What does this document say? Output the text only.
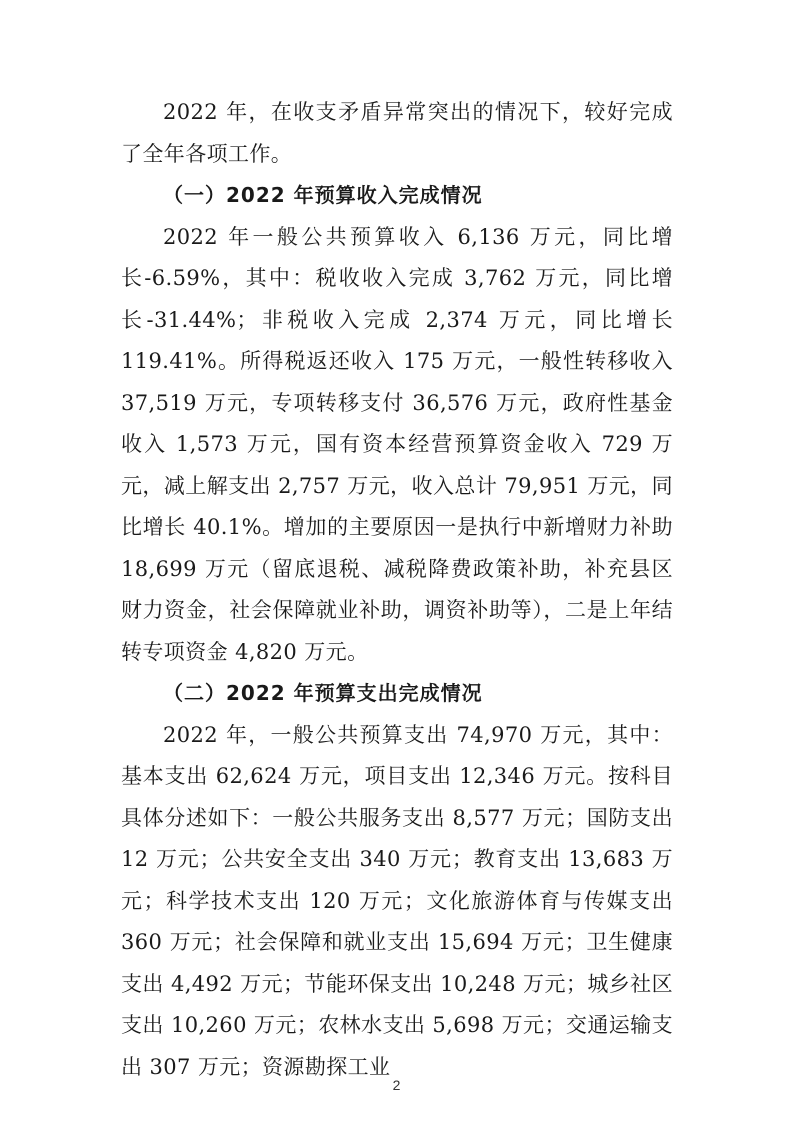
2022 年，在收支矛盾异常突出的情况下，较好完成了全年各项工作。

（一）2022 年预算收入完成情况

2022 年一般公共预算收入 6,136 万元，同比增长-6.59%，其中：税收收入完成 3,762 万元，同比增长-31.44%；非税收入完成 2,374 万元，同比增长 119.41%。所得税返还收入 175 万元，一般性转移收入 37,519 万元，专项转移支付 36,576 万元，政府性基金收入 1,573 万元，国有资本经营预算资金收入 729 万元，减上解支出 2,757 万元，收入总计 79,951 万元，同比增长 40.1%。增加的主要原因一是执行中新增财力补助 18,699 万元（留底退税、减税降费政策补助，补充县区财力资金，社会保障就业补助，调资补助等），二是上年结转专项资金 4,820 万元。

（二）2022 年预算支出完成情况

2022 年，一般公共预算支出 74,970 万元，其中：基本支出 62,624 万元，项目支出 12,346 万元。按科目具体分述如下：一般公共服务支出 8,577 万元；国防支出 12 万元；公共安全支出 340 万元；教育支出 13,683 万元；科学技术支出 120 万元；文化旅游体育与传媒支出 360 万元；社会保障和就业支出 15,694 万元；卫生健康支出 4,492 万元；节能环保支出 10,248 万元；城乡社区支出 10,260 万元；农林水支出 5,698 万元；交通运输支出 307 万元；资源勘探工业

2
